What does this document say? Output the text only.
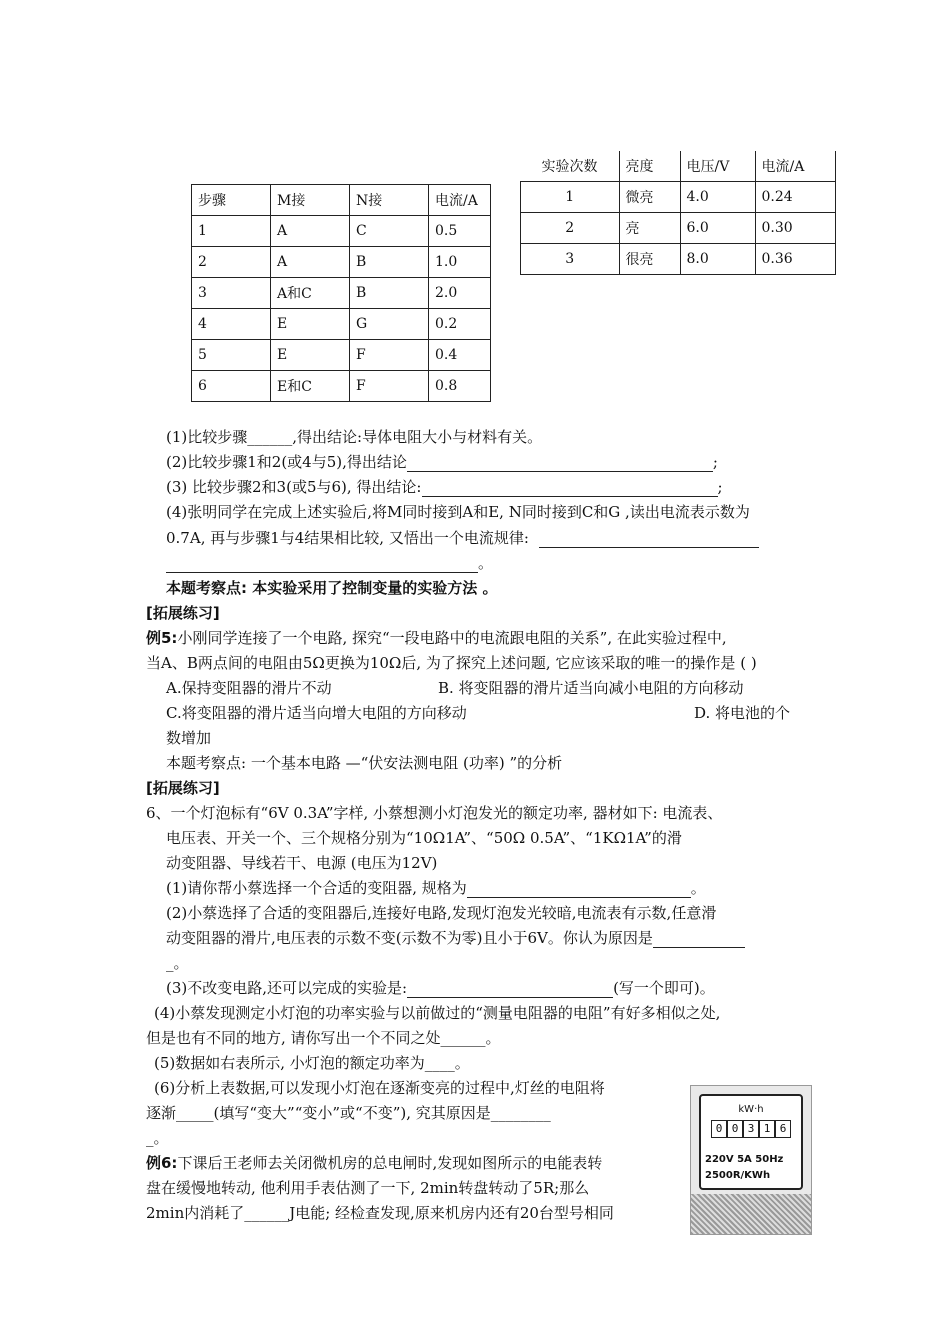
步骤	M接	N接	电流/A
1	A	C	0.5
2	A	B	1.0
3	A和C	B	2.0
4	E	G	0.2
5	E	F	0.4
6	E和C	F	0.8
实验次数	亮度	电压/V	电流/A
1	微亮	4.0	0.24
2	亮	6.0	0.30
3	很亮	8.0	0.36
(1)比较步骤______,得出结论:导体电阻大小与材料有关。
(2)比较步骤1和2(或4与5),得出结论	;
(3) 比较步骤2和3(或5与6), 得出结论:	;
(4)张明同学在完成上述实验后,将M同时接到A和E, N同时接到C和G ,读出电流表示数为
0.7A, 再与步骤1与4结果相比较, 又悟出一个电流规律:
。
本题考察点: 本实验采用了控制变量的实验方法 。
[拓展练习]
例5:小刚同学连接了一个电路, 探究“一段电路中的电流跟电阻的关系”, 在此实验过程中,
当A、B两点间的电阻由5Ω更换为10Ω后, 为了探究上述问题, 它应该采取的唯一的操作是 ( )
A.保持变阻器的滑片不动	B. 将变阻器的滑片适当向减小电阻的方向移动
C.将变阻器的滑片适当向增大电阻的方向移动	D. 将电池的个
数增加
本题考察点: 一个基本电路 —“伏安法测电阻 (功率) ”的分析
[拓展练习]
6、一个灯泡标有“6V 0.3A”字样, 小蔡想测小灯泡发光的额定功率, 器材如下: 电流表、
电压表、开关一个、三个规格分别为“10Ω1A”、“50Ω 0.5A”、“1KΩ1A”的滑
动变阻器、导线若干、电源 (电压为12V)
(1)请你帮小蔡选择一个合适的变阻器, 规格为	。
(2)小蔡选择了合适的变阻器后,连接好电路,发现灯泡发光较暗,电流表有示数,任意滑
动变阻器的滑片,电压表的示数不变(示数不为零)且小于6V。你认为原因是
_。
(3)不改变电路,还可以完成的实验是:	(写一个即可)。
(4)小蔡发现测定小灯泡的功率实验与以前做过的“测量电阻器的电阻”有好多相似之处,
但是也有不同的地方, 请你写出一个不同之处______。
(5)数据如右表所示, 小灯泡的额定功率为____。
(6)分析上表数据,可以发现小灯泡在逐渐变亮的过程中,灯丝的电阻将
逐渐_____(填写“变大”“变小”或“不变”), 究其原因是________
_。
例6:下课后王老师去关闭微机房的总电闸时,发现如图所示的电能表转
盘在缓慢地转动, 他利用手表估测了一下, 2min转盘转动了5R;那么
2min内消耗了______J电能; 经检查发现,原来机房内还有20台型号相同
kW·h
0 0 3 1 6
220V 5A 50Hz
2500R/KWh
